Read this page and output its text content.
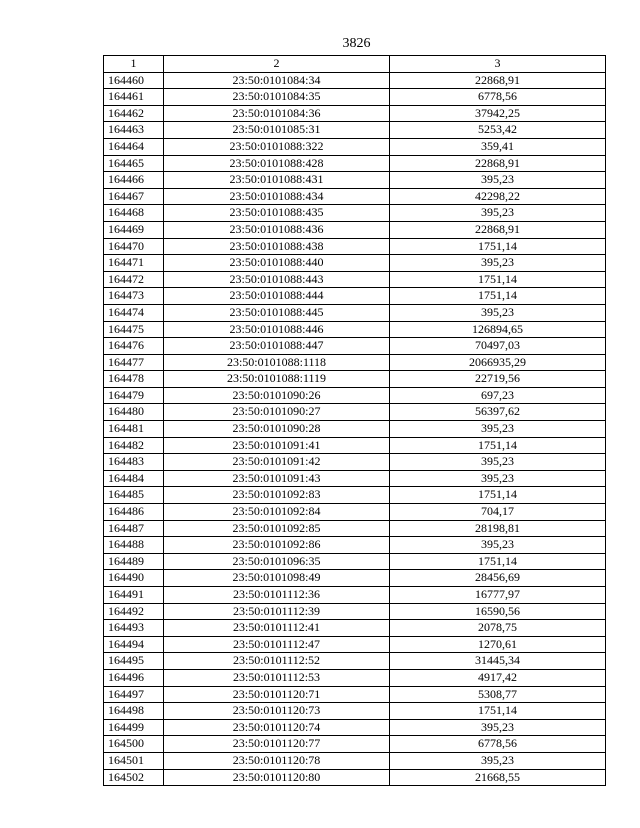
3826
1	2	3
164460	23:50:0101084:34	22868,91
164461	23:50:0101084:35	6778,56
164462	23:50:0101084:36	37942,25
164463	23:50:0101085:31	5253,42
164464	23:50:0101088:322	359,41
164465	23:50:0101088:428	22868,91
164466	23:50:0101088:431	395,23
164467	23:50:0101088:434	42298,22
164468	23:50:0101088:435	395,23
164469	23:50:0101088:436	22868,91
164470	23:50:0101088:438	1751,14
164471	23:50:0101088:440	395,23
164472	23:50:0101088:443	1751,14
164473	23:50:0101088:444	1751,14
164474	23:50:0101088:445	395,23
164475	23:50:0101088:446	126894,65
164476	23:50:0101088:447	70497,03
164477	23:50:0101088:1118	2066935,29
164478	23:50:0101088:1119	22719,56
164479	23:50:0101090:26	697,23
164480	23:50:0101090:27	56397,62
164481	23:50:0101090:28	395,23
164482	23:50:0101091:41	1751,14
164483	23:50:0101091:42	395,23
164484	23:50:0101091:43	395,23
164485	23:50:0101092:83	1751,14
164486	23:50:0101092:84	704,17
164487	23:50:0101092:85	28198,81
164488	23:50:0101092:86	395,23
164489	23:50:0101096:35	1751,14
164490	23:50:0101098:49	28456,69
164491	23:50:0101112:36	16777,97
164492	23:50:0101112:39	16590,56
164493	23:50:0101112:41	2078,75
164494	23:50:0101112:47	1270,61
164495	23:50:0101112:52	31445,34
164496	23:50:0101112:53	4917,42
164497	23:50:0101120:71	5308,77
164498	23:50:0101120:73	1751,14
164499	23:50:0101120:74	395,23
164500	23:50:0101120:77	6778,56
164501	23:50:0101120:78	395,23
164502	23:50:0101120:80	21668,55
